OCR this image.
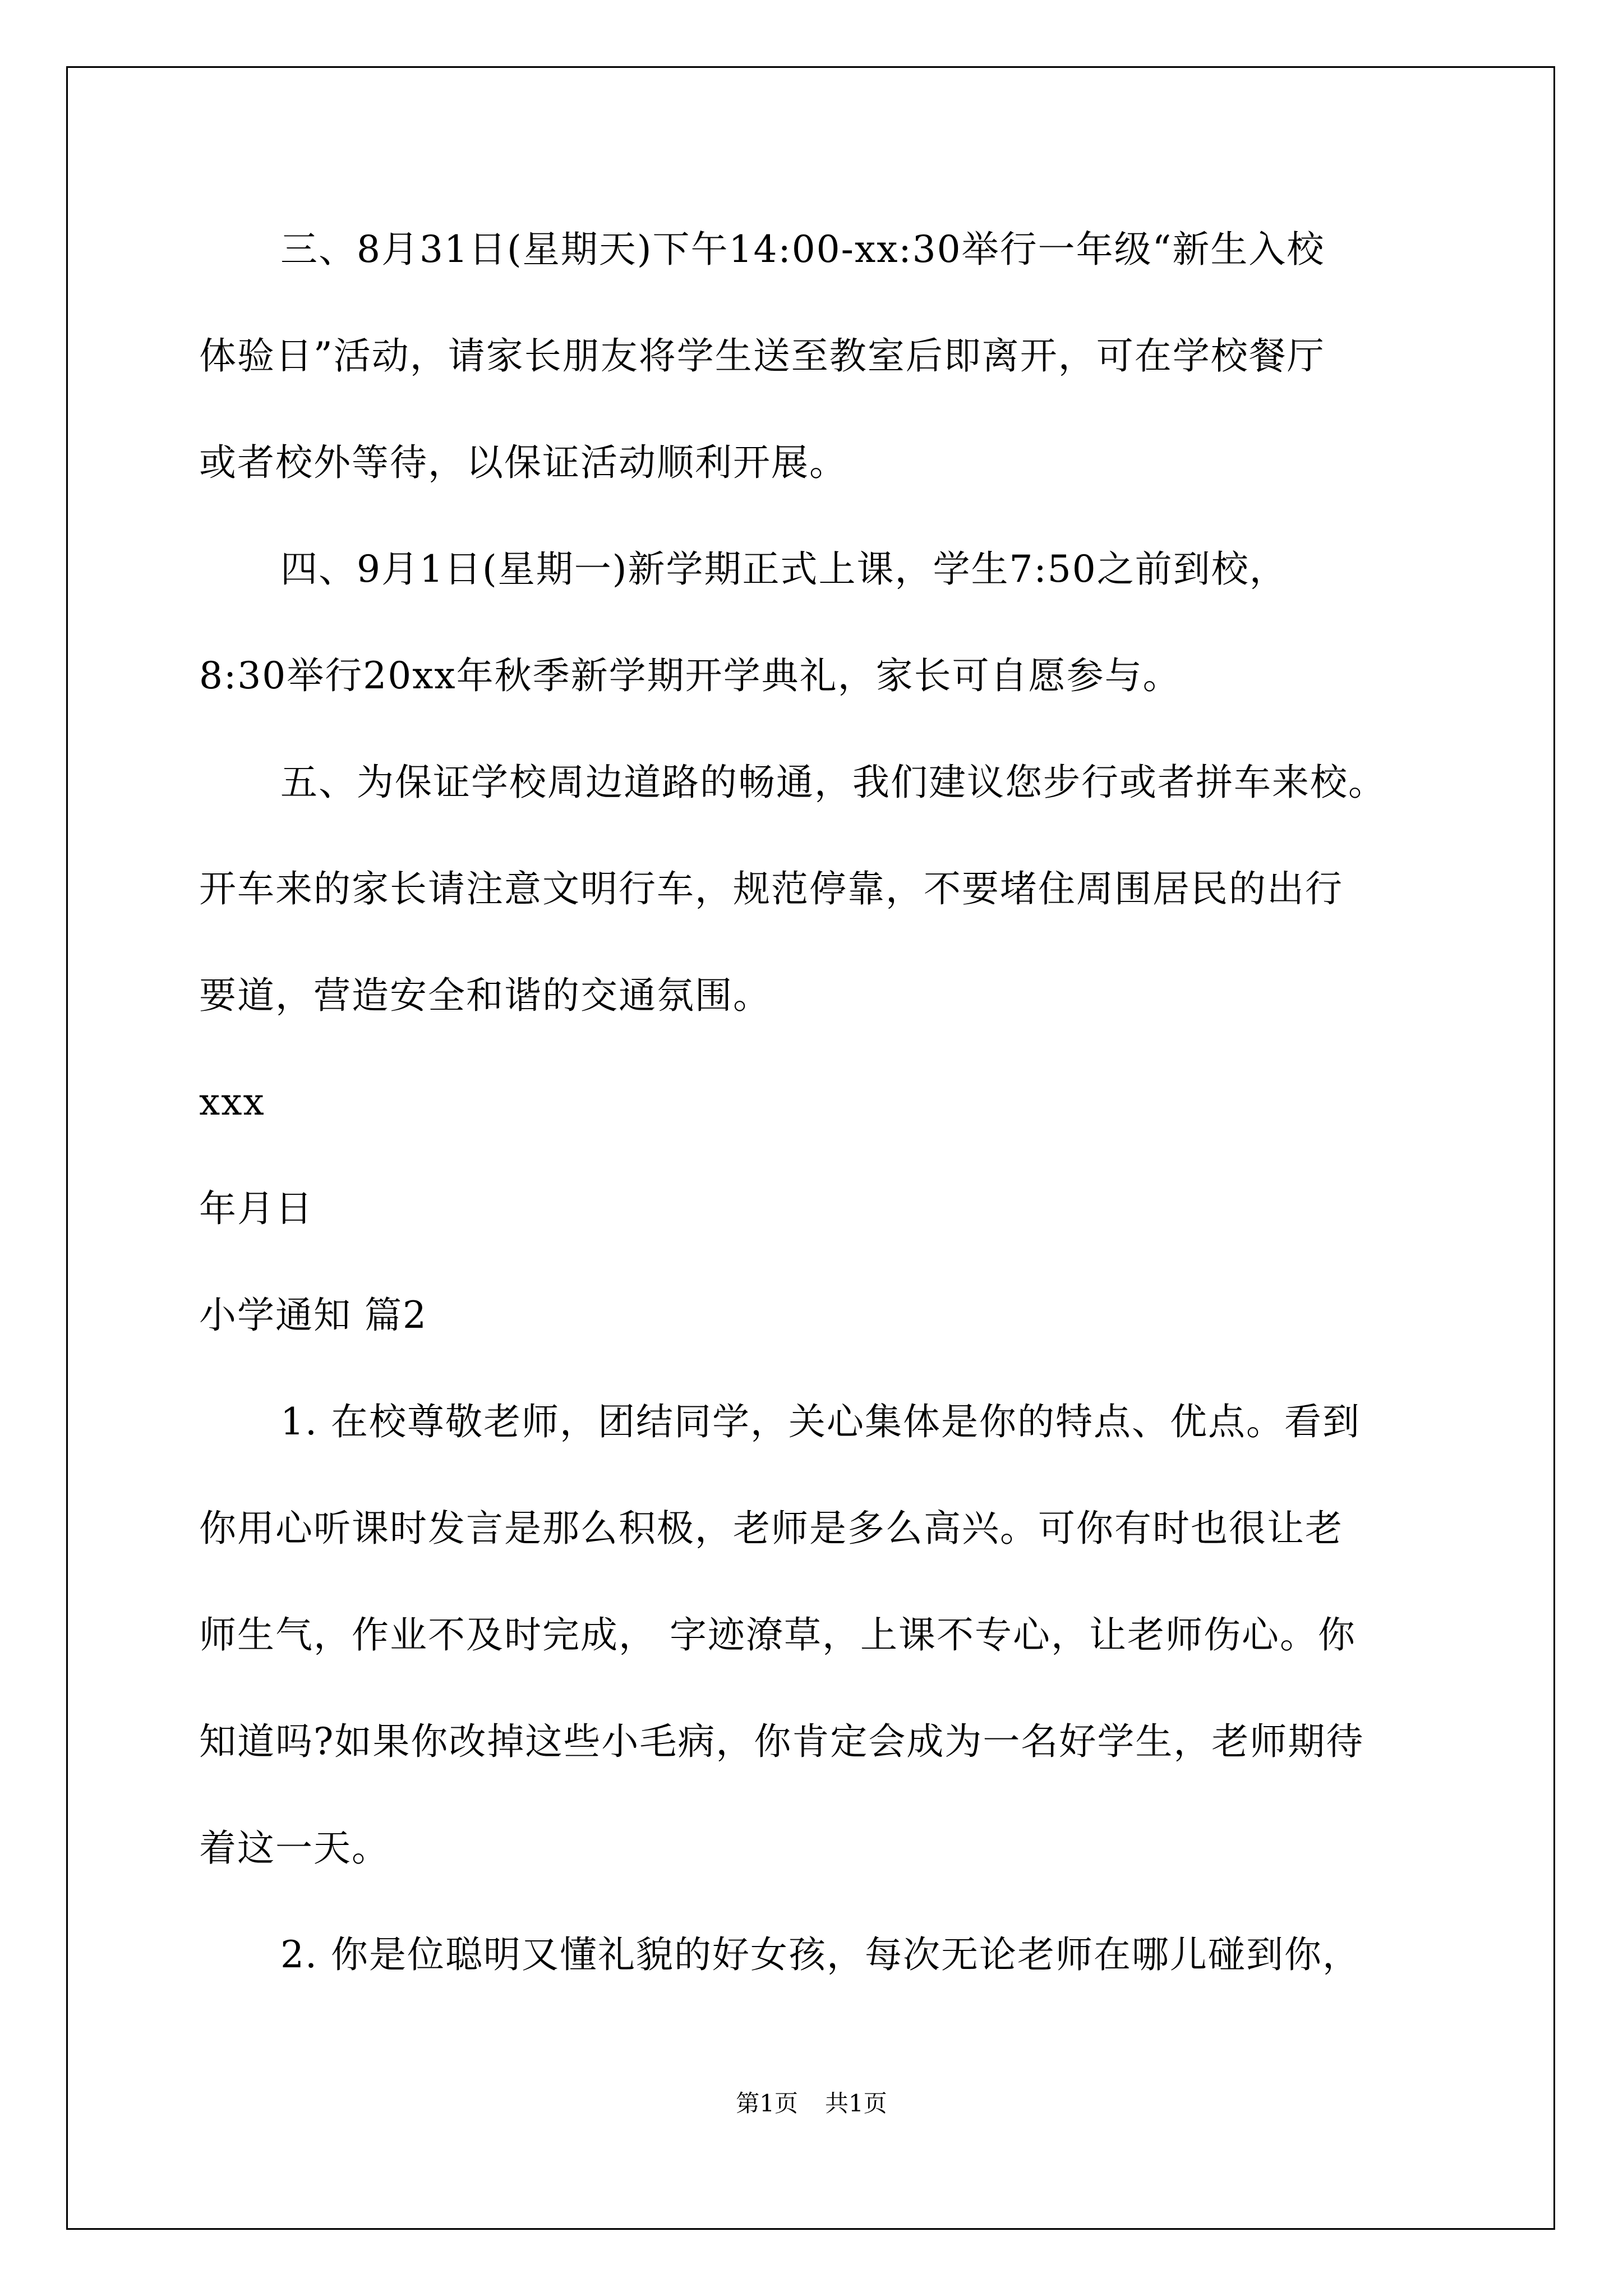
三、8月31日(星期天)下午14:00-xx:30举行一年级“新生入校
体验日”活动，请家长朋友将学生送至教室后即离开，可在学校餐厅
或者校外等待，以保证活动顺利开展。
四、9月1日(星期一)新学期正式上课，学生7:50之前到校，
8:30举行20xx年秋季新学期开学典礼，家长可自愿参与。
五、为保证学校周边道路的畅通，我们建议您步行或者拼车来校。
开车来的家长请注意文明行车，规范停靠，不要堵住周围居民的出行
要道，营造安全和谐的交通氛围。
xxx
年月日
小学通知 篇2
1. 在校尊敬老师，团结同学，关心集体是你的特点、优点。看到
你用心听课时发言是那么积极，老师是多么高兴。可你有时也很让老
师生气，作业不及时完成， 字迹潦草，上课不专心，让老师伤心。你
知道吗?如果你改掉这些小毛病，你肯定会成为一名好学生，老师期待
着这一天。
2. 你是位聪明又懂礼貌的好女孩，每次无论老师在哪儿碰到你，
第1页 共1页
